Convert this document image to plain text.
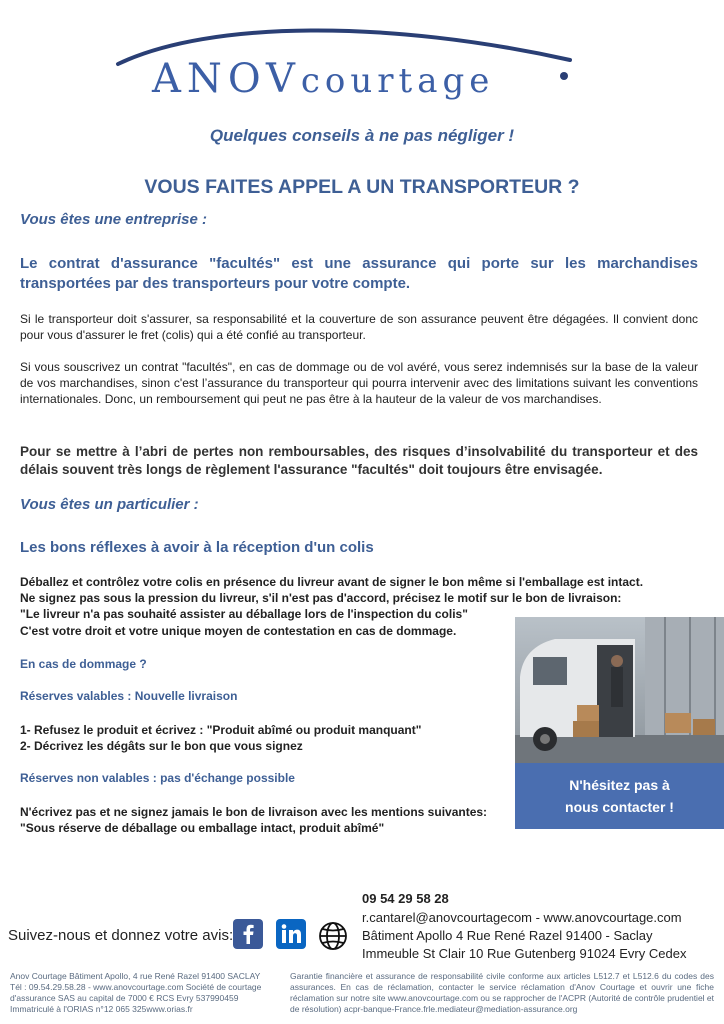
ANOVcourtage
Quelques conseils à ne pas négliger !
VOUS FAITES APPEL A UN TRANSPORTEUR ?
Vous êtes une entreprise :
Le contrat d'assurance "facultés" est une assurance qui porte sur les marchandises transportées par des transporteurs pour votre compte.
Si le transporteur doit s'assurer, sa responsabilité et la couverture de son assurance peuvent être dégagées. Il convient donc pour vous d'assurer le fret (colis) qui a été confié au transporteur.
Si vous souscrivez un contrat "facultés", en cas de dommage ou de vol avéré, vous serez indemnisés sur la base de la valeur de vos marchandises, sinon c'est l’assurance du transporteur qui pourra intervenir avec des limitations suivant les conventions internationales. Donc, un remboursement qui peut ne pas être à la hauteur de la valeur de vos marchandises.
Pour se mettre à l’abri de pertes non remboursables, des risques d’insolvabilité du transporteur et des délais souvent très longs de règlement l'assurance "facultés" doit toujours être envisagée.
Vous êtes un particulier :
Les bons réflexes à avoir à la réception d'un colis
Déballez et contrôlez votre colis en présence du livreur avant de signer le bon même si l'emballage est intact.
Ne signez pas sous la pression du livreur, s'il n'est pas d'accord, précisez le motif sur le bon de livraison:
"Le livreur n'a pas souhaité assister au déballage lors de l'inspection du colis"
C'est votre droit et votre unique moyen de contestation en cas de dommage.
En cas de dommage ?
Réserves valables : Nouvelle livraison
1- Refusez le produit et écrivez : "Produit abîmé ou produit manquant"
2- Décrivez les dégâts sur le bon que vous signez
Réserves non valables : pas d'échange possible
N'écrivez pas et ne signez jamais le bon de livraison avec les mentions suivantes:
"Sous réserve de déballage ou emballage intact, produit abîmé"
N'hésitez pas à
nous contacter !
Suivez-nous et donnez votre avis:
09 54 29 58 28
r.cantarel@anovcourtagecom - www.anovcourtage.com
Bâtiment Apollo 4 Rue René Razel 91400 - Saclay
Immeuble St Clair 10 Rue Gutenberg 91024 Evry Cedex
Anov Courtage Bâtiment Apollo, 4 rue René Razel 91400 SACLAY
Tél : 09.54.29.58.28 - www.anovcourtage.com Société de courtage
d'assurance SAS au capital de 7000 € RCS Evry 537990459
Immatriculé à l'ORIAS n°12 065 325www.orias.fr
Garantie financière et assurance de responsabilité civile conforme aux articles L512.7 et L512.6 du codes des assurances. En cas de réclamation, contacter le service réclamation d'Anov Courtage et ouvrir une fiche réclamation sur notre site www.anovcourtage.com ou se rapprocher de l'ACPR (Autorité de contrôle prudentiel et de résolution) acpr-banque-France.frle.mediateur@mediation-assurance.org
